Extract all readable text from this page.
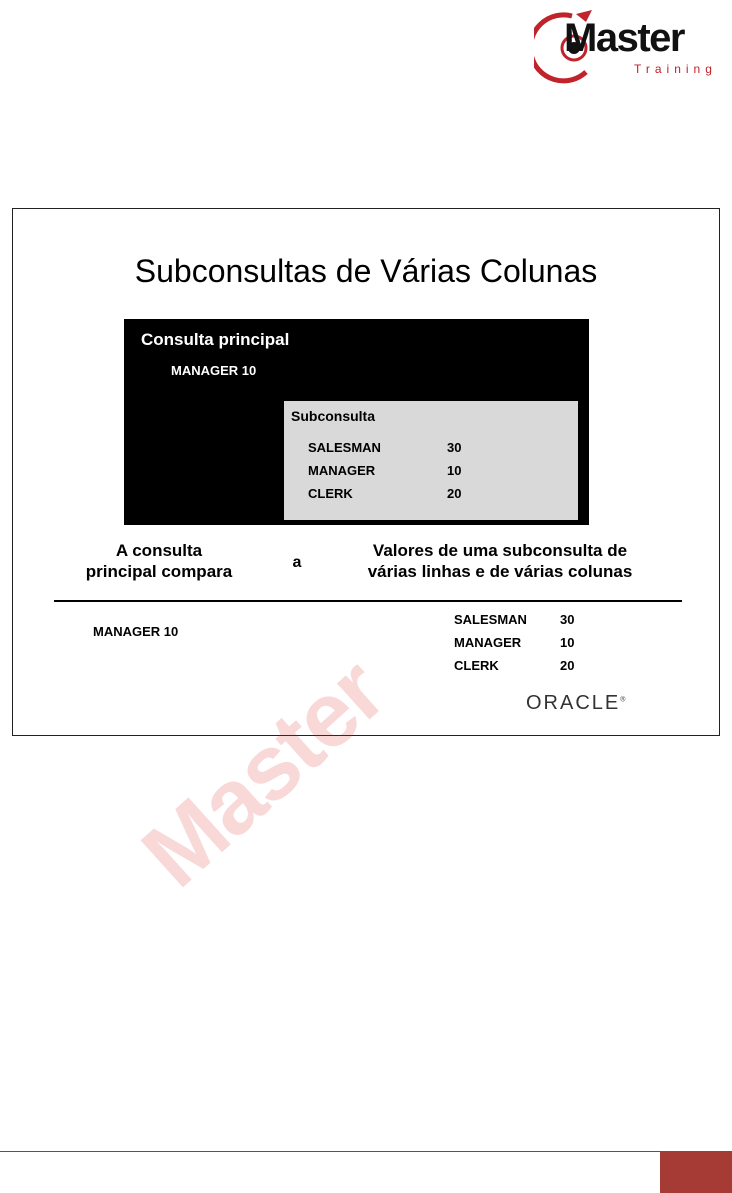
Master
Training
Subconsultas de Várias Colunas
Consulta principal
MANAGER 10
Subconsulta
SALESMAN	30
MANAGER	10
CLERK	20
A consulta
principal compara	a
Valores de uma subconsulta de
várias linhas e de várias colunas
MANAGER 10
SALESMAN	30
MANAGER	10
CLERK	20
ORACLE®
Master
